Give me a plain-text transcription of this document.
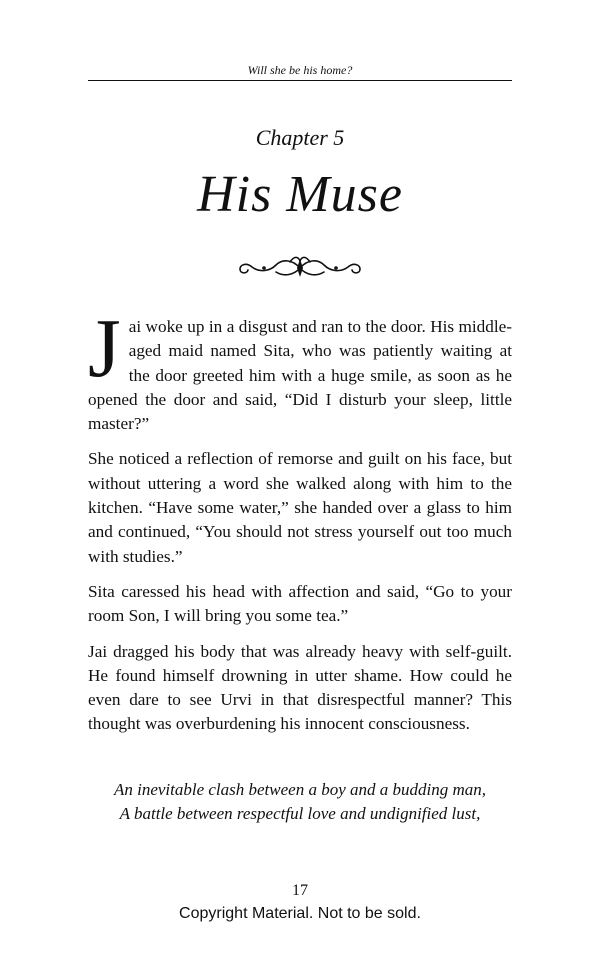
Will she be his home?
Chapter 5
His Muse

Jai woke up in a disgust and ran to the door. His middle-aged maid named Sita, who was patiently waiting at the door greeted him with a huge smile, as soon as he opened the door and said, “Did I disturb your sleep, little master?”

She noticed a reflection of remorse and guilt on his face, but without uttering a word she walked along with him to the kitchen. “Have some water,” she handed over a glass to him and continued, “You should not stress yourself out too much with studies.”

Sita caressed his head with affection and said, “Go to your room Son, I will bring you some tea.”

Jai dragged his body that was already heavy with self-guilt. He found himself drowning in utter shame. How could he even dare to see Urvi in that disrespectful manner? This thought was overburdening his innocent consciousness.

An inevitable clash between a boy and a budding man,
A battle between respectful love and undignified lust,
17
Copyright Material. Not to be sold.
